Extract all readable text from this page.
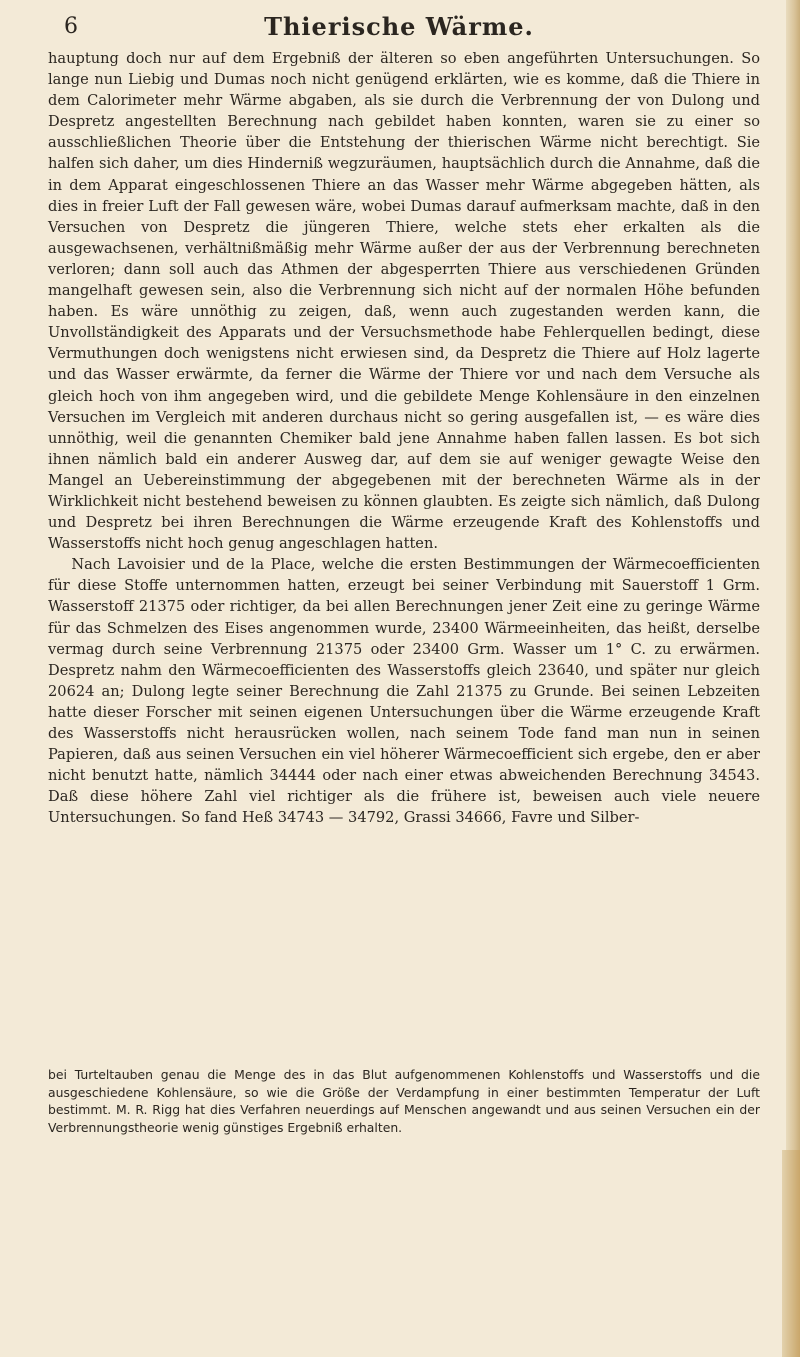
6	Thierische Wärme.

hauptung doch nur auf dem Ergebniß der älteren so eben angeführten Untersuchungen. So lange nun Liebig und Dumas noch nicht genügend erklärten, wie es komme, daß die Thiere in dem Calorimeter mehr Wärme abgaben, als sie durch die Verbrennung der von Dulong und Despretz angestellten Berechnung nach gebildet haben konnten, waren sie zu einer so ausschließlichen Theorie über die Entstehung der thierischen Wärme nicht berechtigt. Sie halfen sich daher, um dies Hinderniß wegzuräumen, hauptsächlich durch die Annahme, daß die in dem Apparat eingeschlossenen Thiere an das Wasser mehr Wärme abgegeben hätten, als dies in freier Luft der Fall gewesen wäre, wobei Dumas darauf aufmerksam machte, daß in den Versuchen von Despretz die jüngeren Thiere, welche stets eher erkalten als die ausgewachsenen, verhältnißmäßig mehr Wärme außer der aus der Verbrennung berechneten verloren; dann soll auch das Athmen der abgesperrten Thiere aus verschiedenen Gründen mangelhaft gewesen sein, also die Verbrennung sich nicht auf der normalen Höhe befunden haben. Es wäre unnöthig zu zeigen, daß, wenn auch zugestanden werden kann, die Unvollständigkeit des Apparats und der Versuchsmethode habe Fehlerquellen bedingt, diese Vermuthungen doch wenigstens nicht erwiesen sind, da Despretz die Thiere auf Holz lagerte und das Wasser erwärmte, da ferner die Wärme der Thiere vor und nach dem Versuche als gleich hoch von ihm angegeben wird, und die gebildete Menge Kohlensäure in den einzelnen Versuchen im Vergleich mit anderen durchaus nicht so gering ausgefallen ist, — es wäre dies unnöthig, weil die genannten Chemiker bald jene Annahme haben fallen lassen. Es bot sich ihnen nämlich bald ein anderer Ausweg dar, auf dem sie auf weniger gewagte Weise den Mangel an Uebereinstimmung der abgegebenen mit der berechneten Wärme als in der Wirklichkeit nicht bestehend beweisen zu können glaubten. Es zeigte sich nämlich, daß Dulong und Despretz bei ihren Berechnungen die Wärme erzeugende Kraft des Kohlenstoffs und Wasserstoffs nicht hoch genug angeschlagen hatten.

Nach Lavoisier und de la Place, welche die ersten Bestimmungen der Wärmecoefficienten für diese Stoffe unternommen hatten, erzeugt bei seiner Verbindung mit Sauerstoff 1 Grm. Wasserstoff 21375 oder richtiger, da bei allen Berechnungen jener Zeit eine zu geringe Wärme für das Schmelzen des Eises angenommen wurde, 23400 Wärmeeinheiten, das heißt, derselbe vermag durch seine Verbrennung 21375 oder 23400 Grm. Wasser um 1° C. zu erwärmen. Despretz nahm den Wärmecoefficienten des Wasserstoffs gleich 23640, und später nur gleich 20624 an; Dulong legte seiner Berechnung die Zahl 21375 zu Grunde. Bei seinen Lebzeiten hatte dieser Forscher mit seinen eigenen Untersuchungen über die Wärme erzeugende Kraft des Wasserstoffs nicht herausrücken wollen, nach seinem Tode fand man nun in seinen Papieren, daß aus seinen Versuchen ein viel höherer Wärmecoefficient sich ergebe, den er aber nicht benutzt hatte, nämlich 34444 oder nach einer etwas abweichenden Berechnung 34543. Daß diese höhere Zahl viel richtiger als die frühere ist, beweisen auch viele neuere Untersuchungen. So fand Heß 34743 — 34792, Grassi 34666, Favre und Silber-

bei Turteltauben genau die Menge des in das Blut aufgenommenen Kohlenstoffs und Wasserstoffs und die ausgeschiedene Kohlensäure, so wie die Größe der Verdampfung in einer bestimmten Temperatur der Luft bestimmt. M. R. Rigg hat dies Verfahren neuerdings auf Menschen angewandt und aus seinen Versuchen ein der Verbrennungstheorie wenig günstiges Ergebniß erhalten.
